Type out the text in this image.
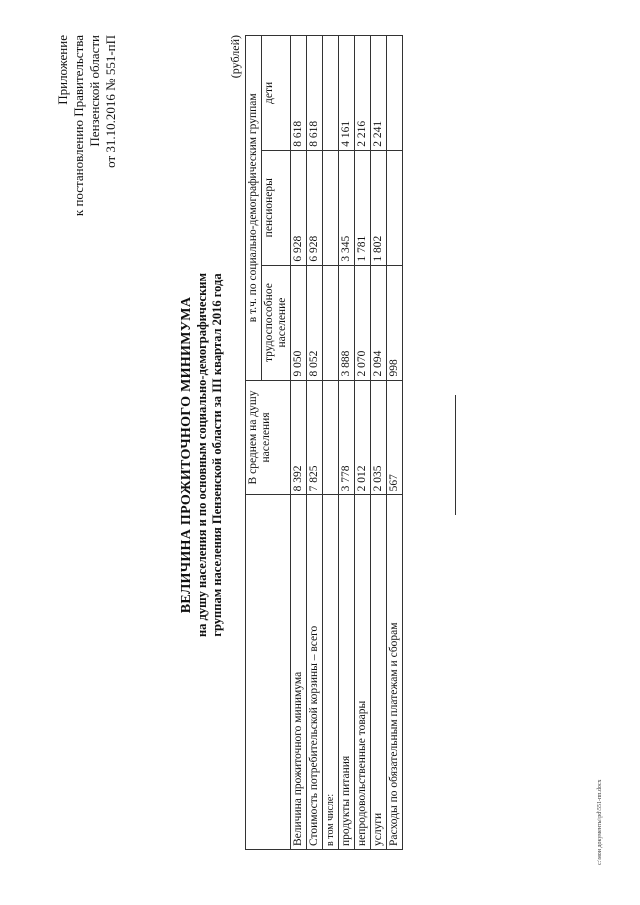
Приложение к постановлению Правительства Пензенской области от 31.10.2016 № 551-пП
ВЕЛИЧИНА ПРОЖИТОЧНОГО МИНИМУМА на душу населения и по основным социально-демографическим группам населения Пензенской области за III квартал 2016 года
(рублей)
	В среднем на душу населения	в т.ч. по социально-демографическим группам		
		трудоспособное население	пенсионеры	дети
Величина прожиточного минимума	8 392	9 050	6 928	8 618
Стоимость потребительской корзины – всего	7 825	8 052	6 928	8 618
в том числе:				
продукты питания	3 778	3 888	3 345	4 161
непродовольственные товары	2 012	2 070	1 781	2 216
услуги	2 035	2 094	1 802	2 241
Расходы по обязательным платежам и сборам	567	998		
c:\мои документы\pd\551-пп.docx
